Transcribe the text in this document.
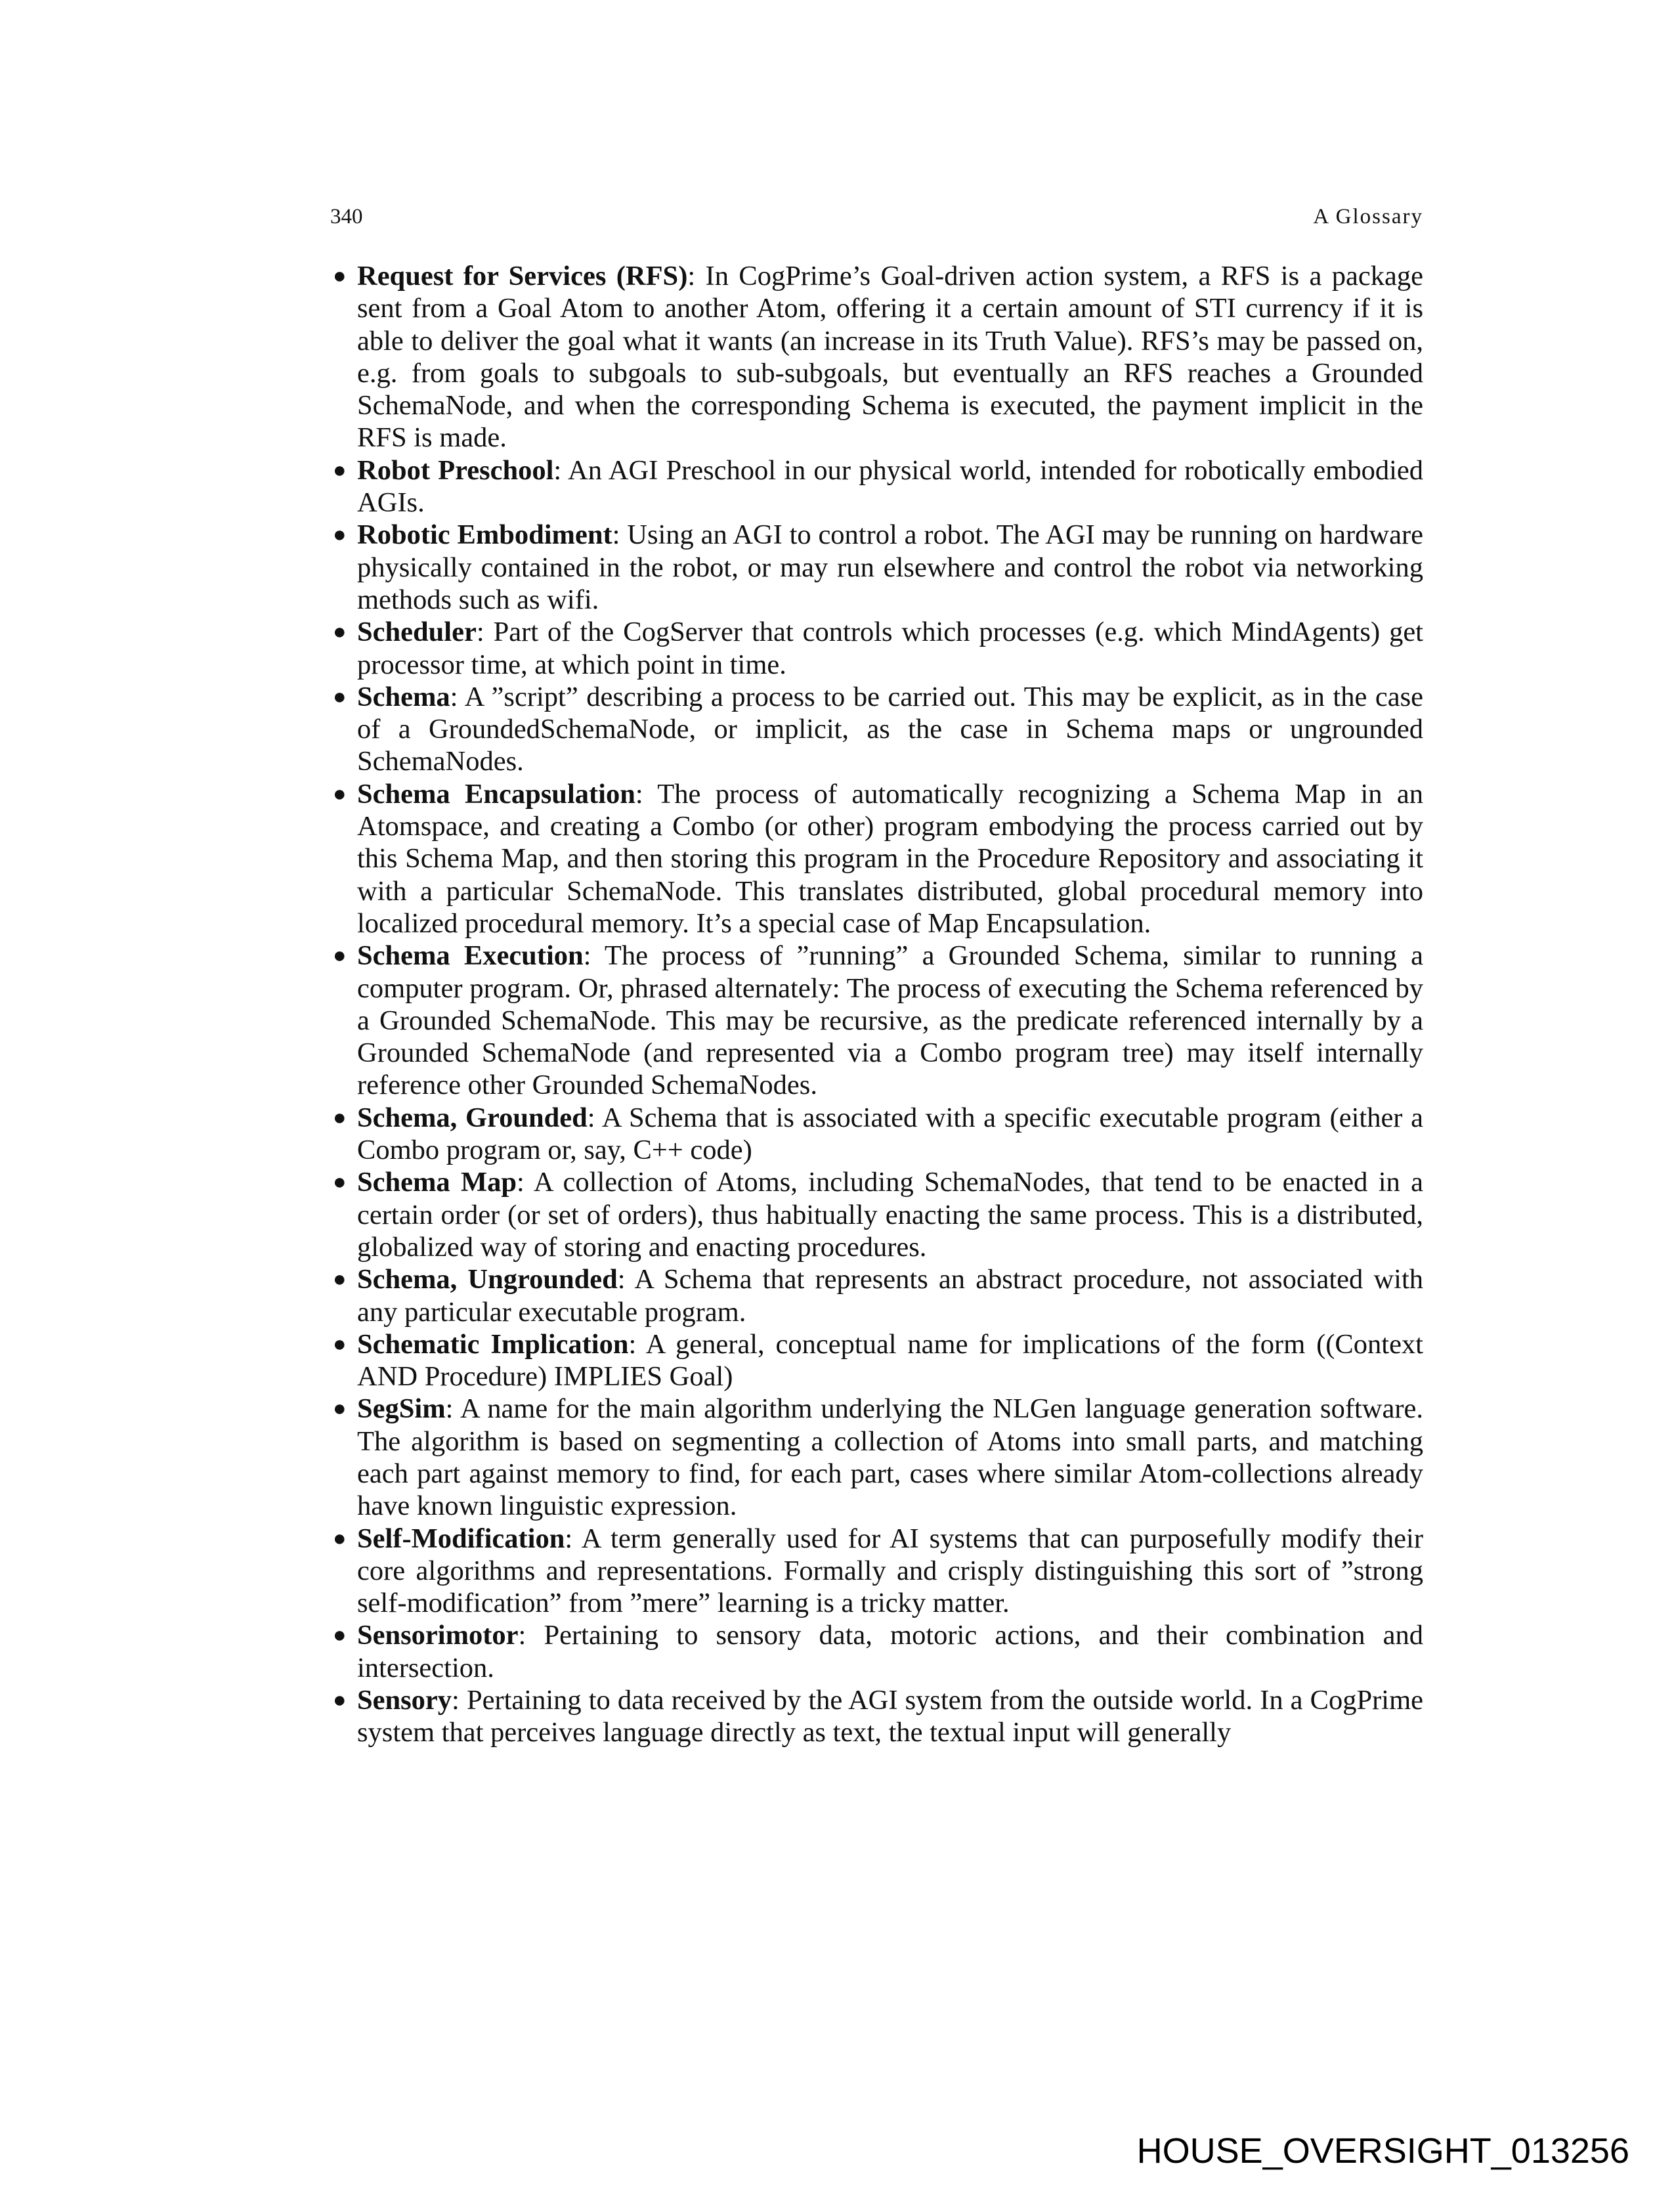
340	A Glossary
● Request for Services (RFS): In CogPrime’s Goal-driven action system, a RFS is a package sent from a Goal Atom to another Atom, offering it a certain amount of STI currency if it is able to deliver the goal what it wants (an increase in its Truth Value). RFS’s may be passed on, e.g. from goals to subgoals to sub-subgoals, but eventually an RFS reaches a Grounded SchemaNode, and when the corresponding Schema is executed, the payment implicit in the RFS is made.
● Robot Preschool: An AGI Preschool in our physical world, intended for robotically embodied AGIs.
● Robotic Embodiment: Using an AGI to control a robot. The AGI may be running on hardware physically contained in the robot, or may run elsewhere and control the robot via networking methods such as wifi.
● Scheduler: Part of the CogServer that controls which processes (e.g. which MindAgents) get processor time, at which point in time.
● Schema: A ”script” describing a process to be carried out. This may be explicit, as in the case of a GroundedSchemaNode, or implicit, as the case in Schema maps or ungrounded SchemaNodes.
● Schema Encapsulation: The process of automatically recognizing a Schema Map in an Atomspace, and creating a Combo (or other) program embodying the process carried out by this Schema Map, and then storing this program in the Procedure Repository and associating it with a particular SchemaNode. This translates distributed, global procedural memory into localized procedural memory. It’s a special case of Map Encapsulation.
● Schema Execution: The process of ”running” a Grounded Schema, similar to running a computer program. Or, phrased alternately: The process of executing the Schema referenced by a Grounded SchemaNode. This may be recursive, as the predicate referenced internally by a Grounded SchemaNode (and represented via a Combo program tree) may itself internally reference other Grounded SchemaNodes.
● Schema, Grounded: A Schema that is associated with a specific executable program (either a Combo program or, say, C++ code)
● Schema Map: A collection of Atoms, including SchemaNodes, that tend to be enacted in a certain order (or set of orders), thus habitually enacting the same process. This is a distributed, globalized way of storing and enacting procedures.
● Schema, Ungrounded: A Schema that represents an abstract procedure, not associated with any particular executable program.
● Schematic Implication: A general, conceptual name for implications of the form ((Context AND Procedure) IMPLIES Goal)
● SegSim: A name for the main algorithm underlying the NLGen language generation software. The algorithm is based on segmenting a collection of Atoms into small parts, and matching each part against memory to find, for each part, cases where similar Atom-collections already have known linguistic expression.
● Self-Modification: A term generally used for AI systems that can purposefully modify their core algorithms and representations. Formally and crisply distinguishing this sort of ”strong self-modification” from ”mere” learning is a tricky matter.
● Sensorimotor: Pertaining to sensory data, motoric actions, and their combination and intersection.
● Sensory: Pertaining to data received by the AGI system from the outside world. In a CogPrime system that perceives language directly as text, the textual input will generally
HOUSE_OVERSIGHT_013256
